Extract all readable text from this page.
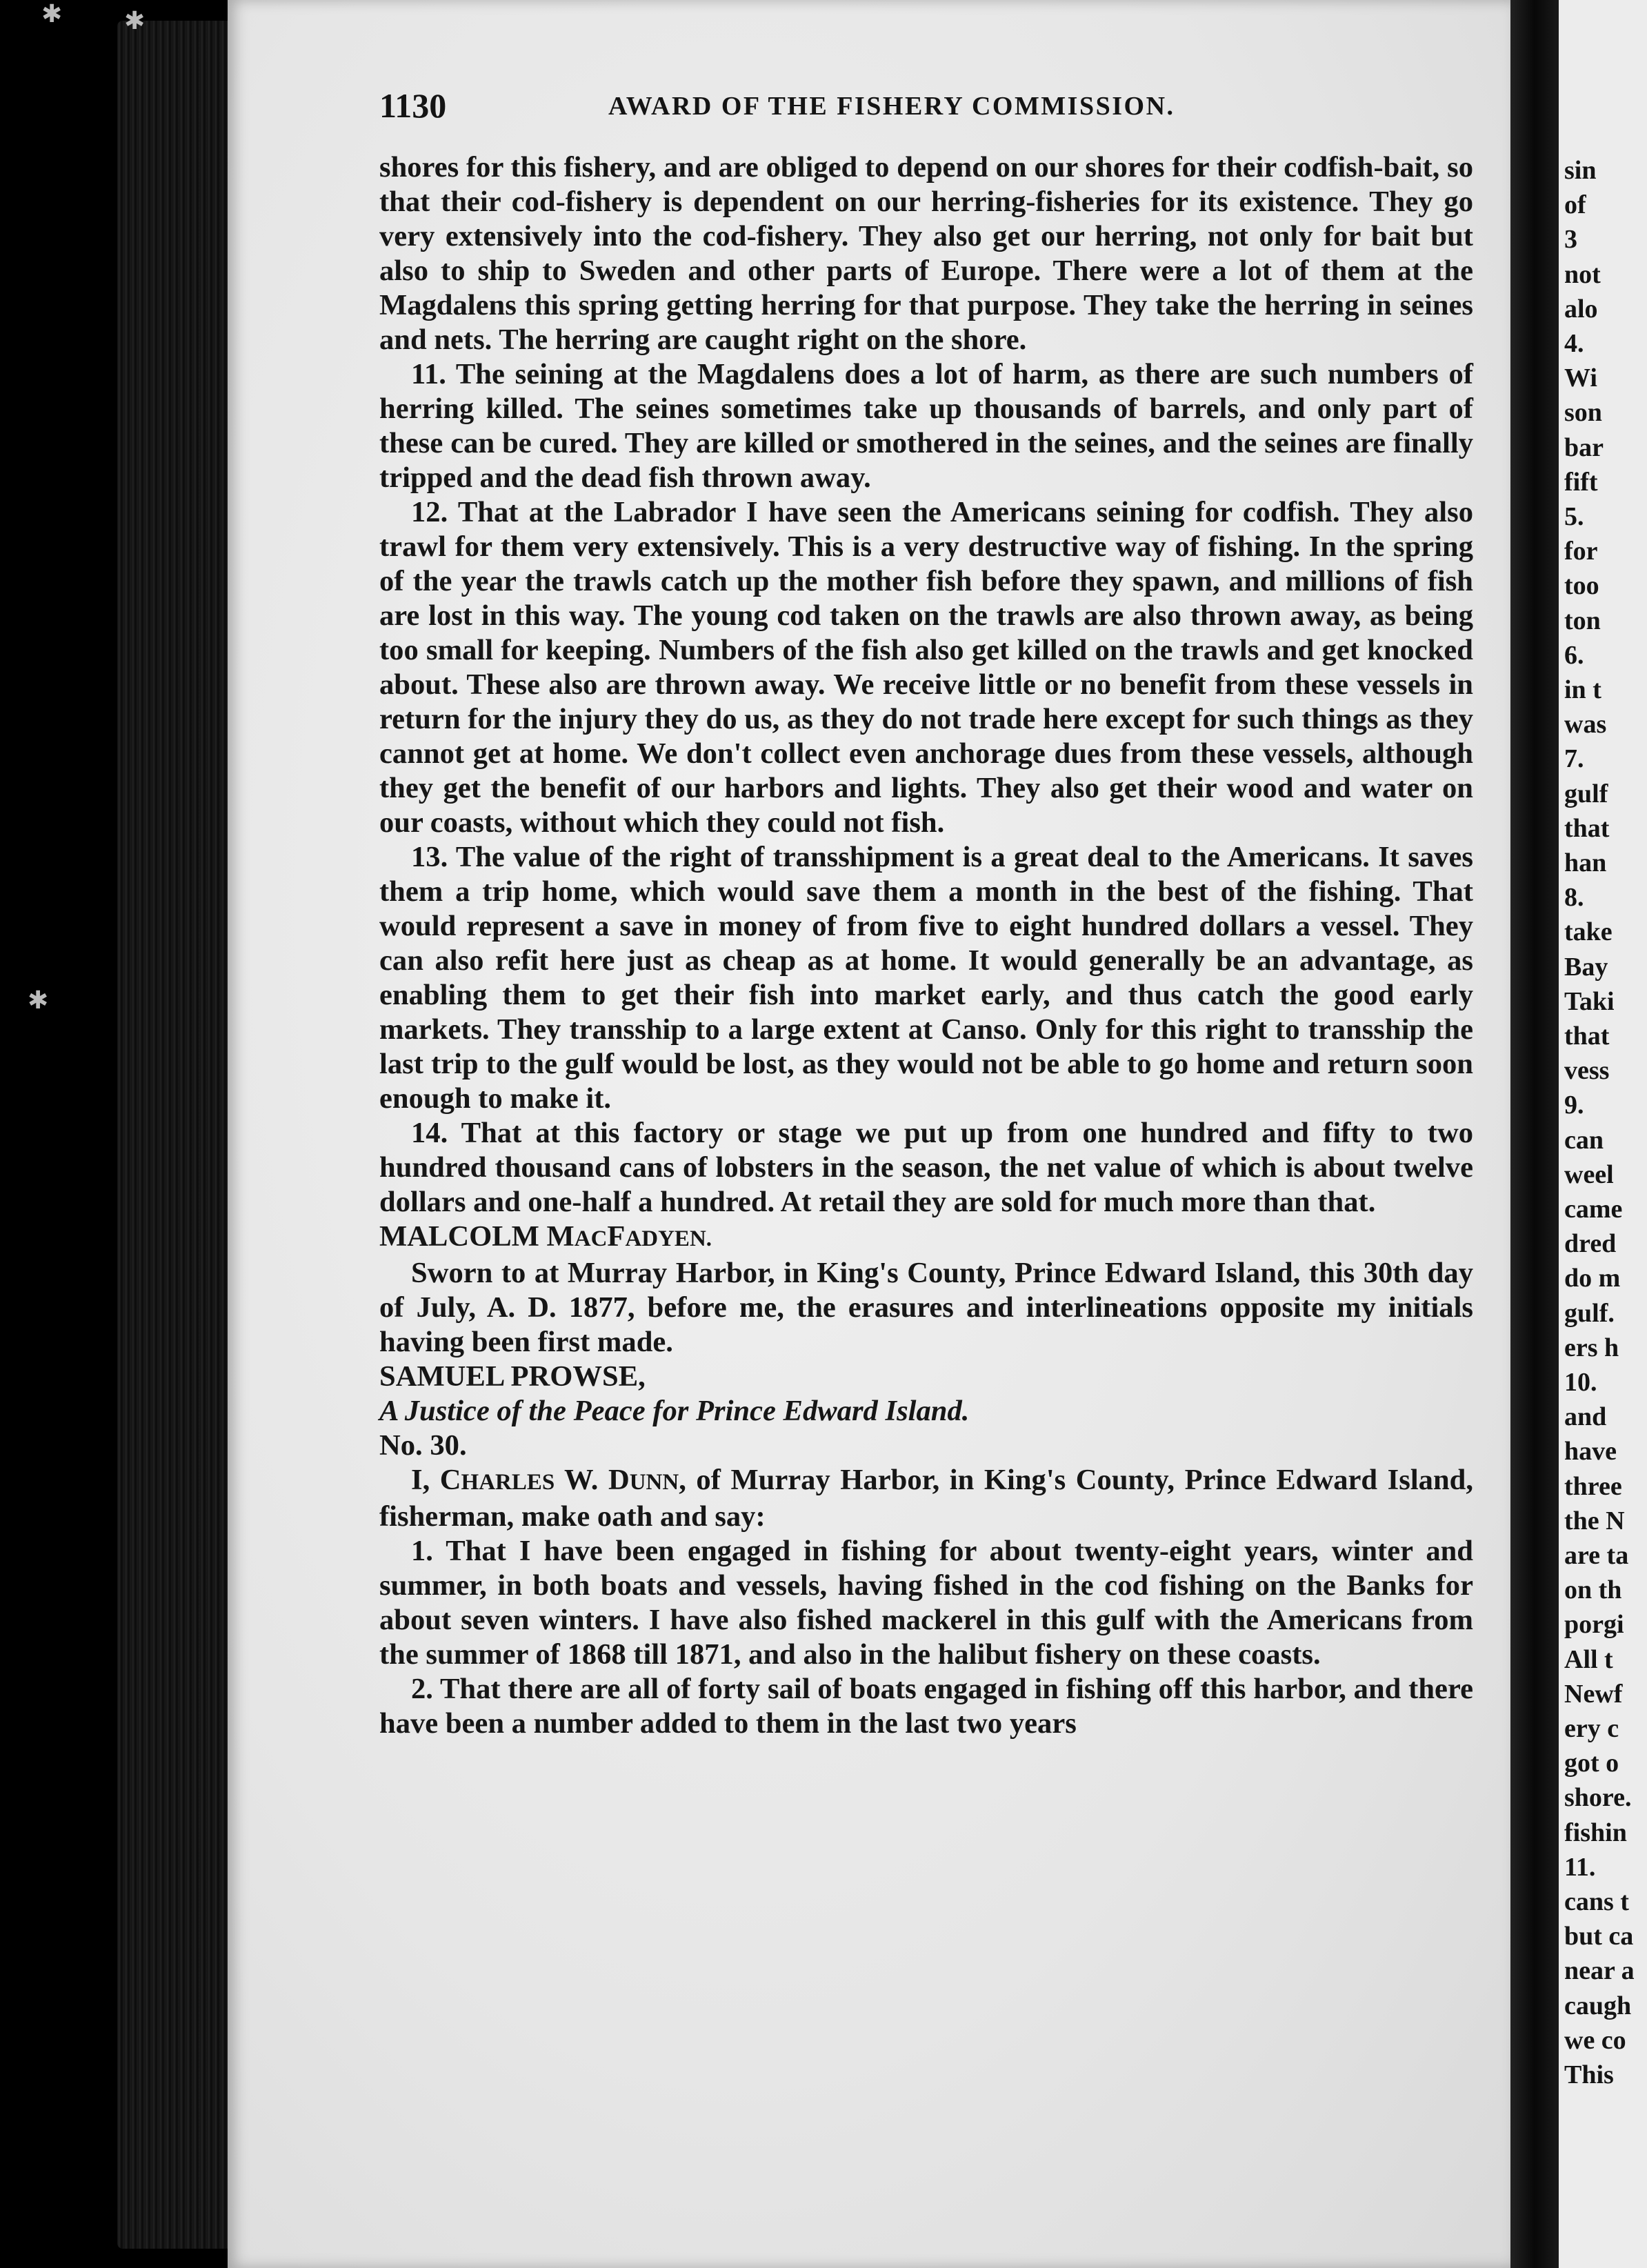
sin
of
3
not
alo
4.
Wi
son
bar
fift
5.
for
too
ton
6.
in t
was
7.
gulf
that
han
8.
take
Bay
Taki
that
vess
9.
can
weel
came
dred
do m
gulf.
ers h
10.
and
have
three
the N
are ta
on th
porgi
All t
Newf
ery c
got o
shore.
fishin
11.
cans t
but ca
near a
caugh
we co
This
✱ ✱
✱
1130	AWARD OF THE FISHERY COMMISSION.

shores for this fishery, and are obliged to depend on our shores for their codfish-bait, so that their cod-fishery is dependent on our herring-fisheries for its existence. They go very extensively into the cod-fishery. They also get our herring, not only for bait but also to ship to Sweden and other parts of Europe. There were a lot of them at the Magdalens this spring getting herring for that purpose. They take the herring in seines and nets. The herring are caught right on the shore.

11. The seining at the Magdalens does a lot of harm, as there are such numbers of herring killed. The seines sometimes take up thousands of barrels, and only part of these can be cured. They are killed or smothered in the seines, and the seines are finally tripped and the dead fish thrown away.

12. That at the Labrador I have seen the Americans seining for codfish. They also trawl for them very extensively. This is a very destructive way of fishing. In the spring of the year the trawls catch up the mother fish before they spawn, and millions of fish are lost in this way. The young cod taken on the trawls are also thrown away, as being too small for keeping. Numbers of the fish also get killed on the trawls and get knocked about. These also are thrown away. We receive little or no benefit from these vessels in return for the injury they do us, as they do not trade here except for such things as they cannot get at home. We don't collect even anchorage dues from these vessels, although they get the benefit of our harbors and lights. They also get their wood and water on our coasts, without which they could not fish.

13. The value of the right of transshipment is a great deal to the Americans. It saves them a trip home, which would save them a month in the best of the fishing. That would represent a save in money of from five to eight hundred dollars a vessel. They can also refit here just as cheap as at home. It would generally be an advantage, as enabling them to get their fish into market early, and thus catch the good early markets. They transship to a large extent at Canso. Only for this right to transship the last trip to the gulf would be lost, as they would not be able to go home and return soon enough to make it.

14. That at this factory or stage we put up from one hundred and fifty to two hundred thousand cans of lobsters in the season, the net value of which is about twelve dollars and one-half a hundred. At retail they are sold for much more than that.

MALCOLM MACFADYEN.

Sworn to at Murray Harbor, in King's County, Prince Edward Island, this 30th day of July, A. D. 1877, before me, the erasures and interlineations opposite my initials having been first made.

SAMUEL PROWSE,

A Justice of the Peace for Prince Edward Island.

No. 30.

I, CHARLES W. DUNN, of Murray Harbor, in King's County, Prince Edward Island, fisherman, make oath and say:

1. That I have been engaged in fishing for about twenty-eight years, winter and summer, in both boats and vessels, having fished in the cod fishing on the Banks for about seven winters. I have also fished mackerel in this gulf with the Americans from the summer of 1868 till 1871, and also in the halibut fishery on these coasts.

2. That there are all of forty sail of boats engaged in fishing off this harbor, and there have been a number added to them in the last two years
